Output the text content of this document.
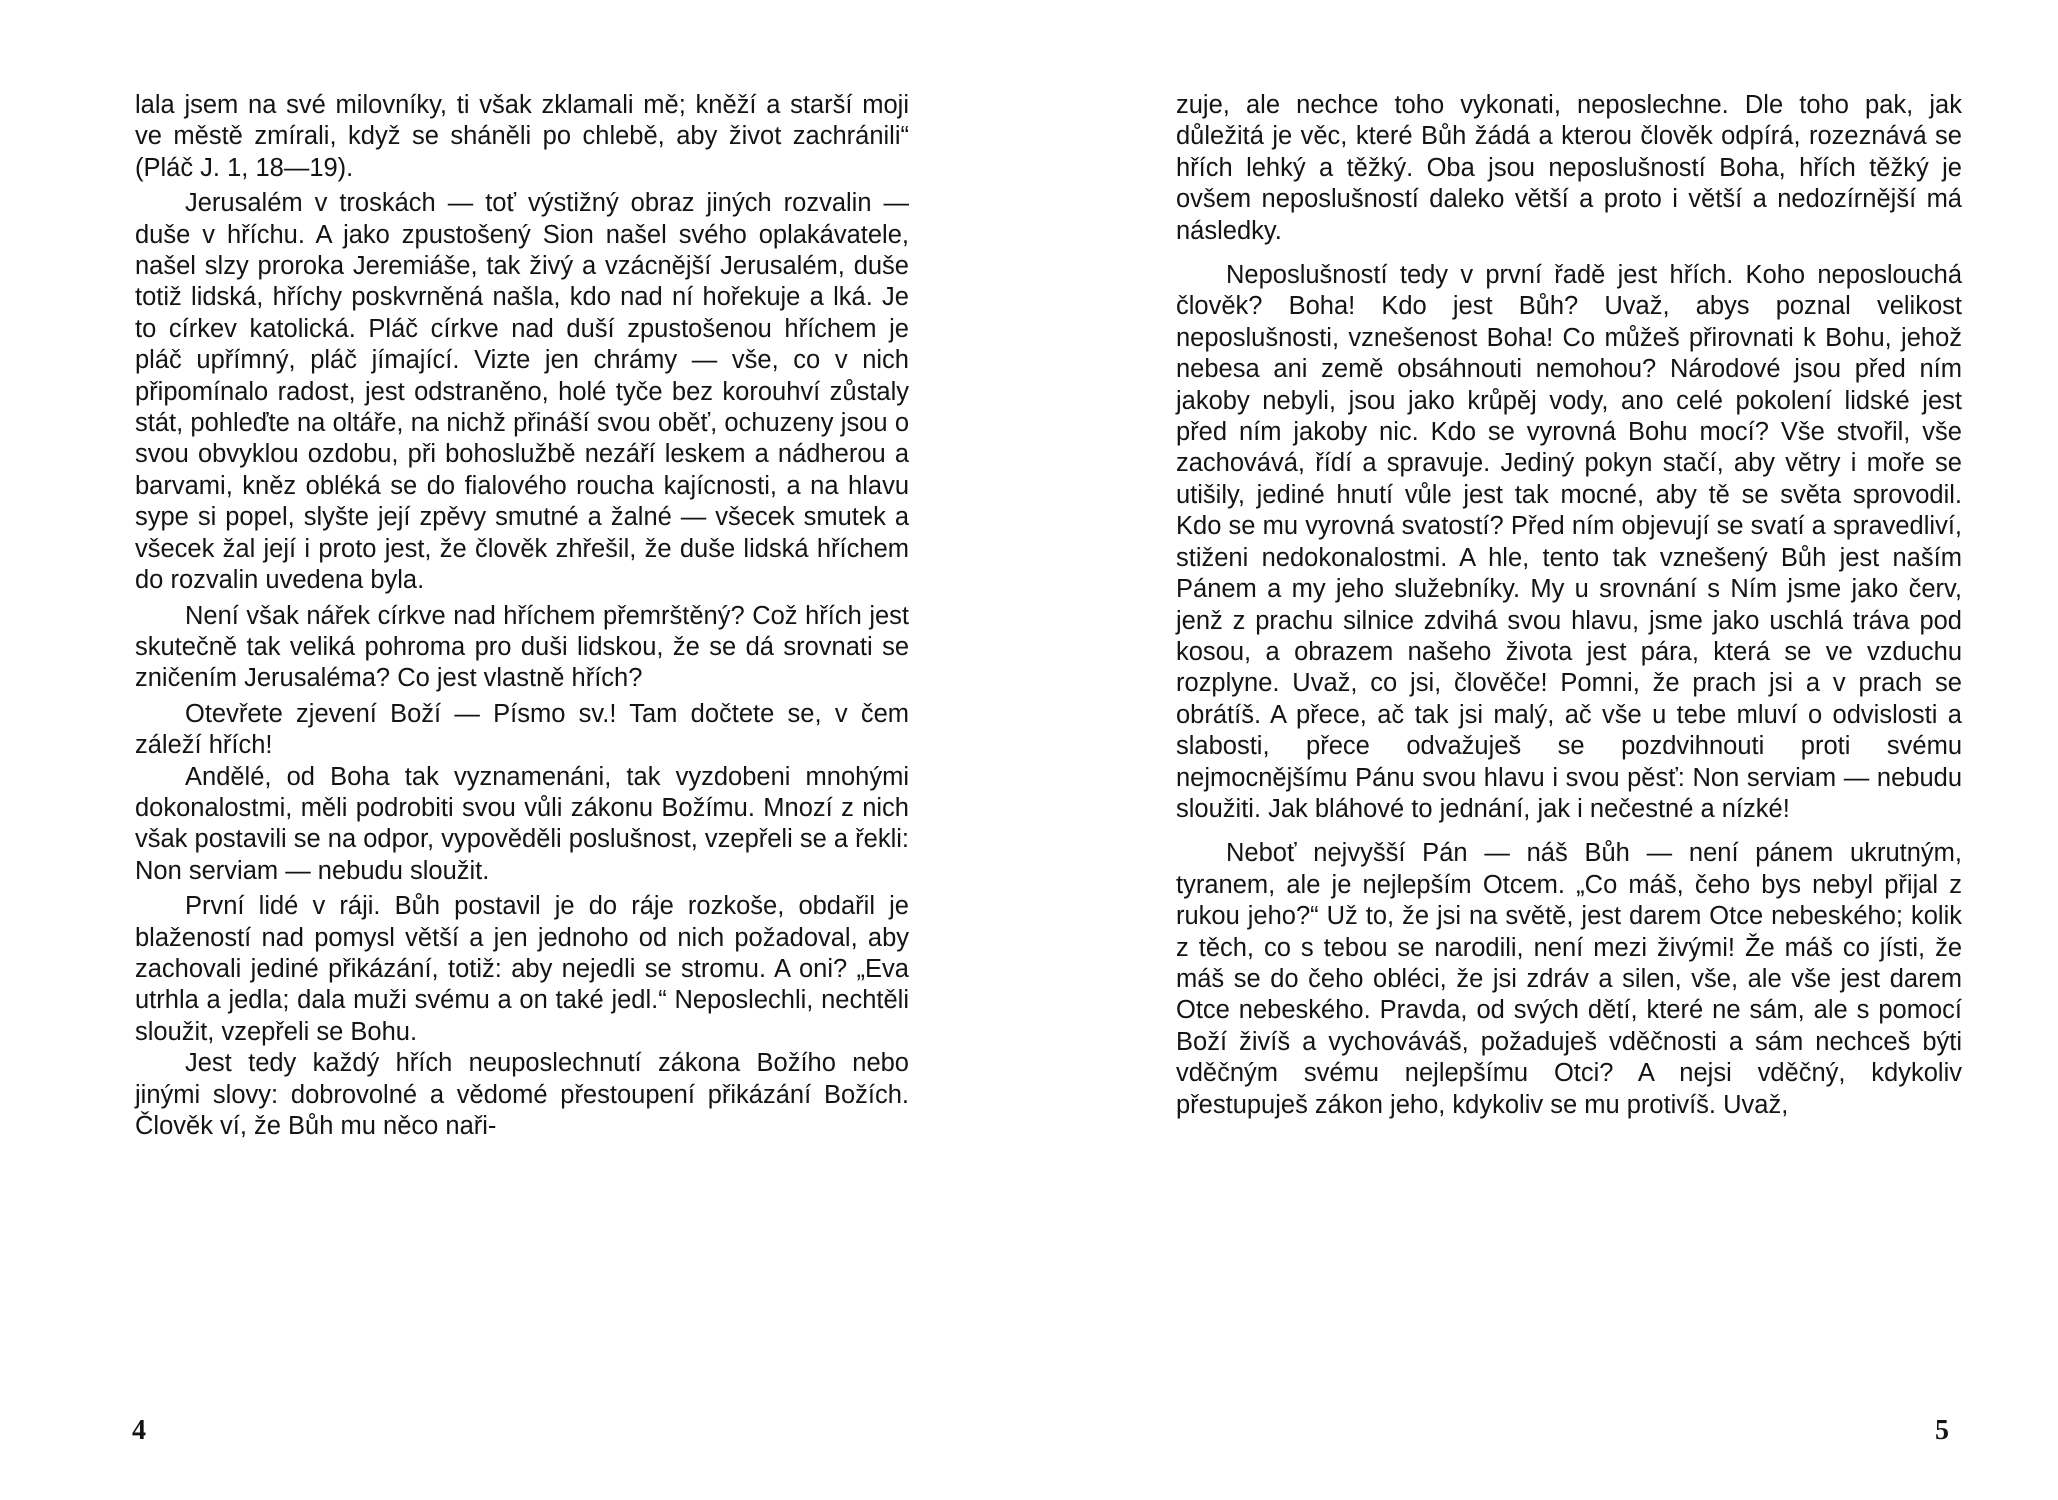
lala jsem na své milovníky, ti však zklamali mě; kněží a starší moji ve městě zmírali, když se sháněli po chlebě, aby život zachránili“ (Pláč J. 1, 18—19).

Jerusalém v troskách — toť výstižný obraz jiných rozvalin — duše v hříchu. A jako zpustošený Sion našel svého oplakávatele, našel slzy proroka Jeremiáše, tak živý a vzácnější Jerusalém, duše totiž lidská, hříchy poskvrněná našla, kdo nad ní hořekuje a lká. Je to církev katolická. Pláč církve nad duší zpustošenou hříchem je pláč upřímný, pláč jímající. Vizte jen chrámy — vše, co v nich připomínalo radost, jest odstraněno, holé tyče bez korouhví zůstaly stát, pohleďte na oltáře, na nichž přináší svou oběť, ochuzeny jsou o svou obvyklou ozdobu, při bohoslužbě nezáří leskem a nádherou a barvami, kněz obléká se do fialového roucha kajícnosti, a na hlavu sype si popel, slyšte její zpěvy smutné a žalné — všecek smutek a všecek žal její i proto jest, že člověk zhřešil, že duše lidská hříchem do rozvalin uvedena byla.

Není však nářek církve nad hříchem přemrštěný? Což hřích jest skutečně tak veliká pohroma pro duši lidskou, že se dá srovnati se zničením Jerusaléma? Co jest vlastně hřích?

Otevřete zjevení Boží — Písmo sv.! Tam dočtete se, v čem záleží hřích!

Andělé, od Boha tak vyznamenáni, tak vyzdobeni mnohými dokonalostmi, měli podrobiti svou vůli zákonu Božímu. Mnozí z nich však postavili se na odpor, vypověděli poslušnost, vzepřeli se a řekli: Non serviam — nebudu sloužit.

První lidé v ráji. Bůh postavil je do ráje rozkoše, obdařil je blažeností nad pomysl větší a jen jednoho od nich požadoval, aby zachovali jediné přikázání, totiž: aby nejedli se stromu. A oni? „Eva utrhla a jedla; dala muži svému a on také jedl.“ Neposlechli, nechtěli sloužit, vzepřeli se Bohu.

Jest tedy každý hřích neuposlechnutí zákona Božího nebo jinými slovy: dobrovolné a vědomé přestoupení přikázání Božích. Člověk ví, že Bůh mu něco naři-

4

zuje, ale nechce toho vykonati, neposlechne. Dle toho pak, jak důležitá je věc, které Bůh žádá a kterou člověk odpírá, rozeznává se hřích lehký a těžký. Oba jsou neposlušností Boha, hřích těžký je ovšem neposlušností daleko větší a proto i větší a nedozírnější má následky.

Neposlušností tedy v první řadě jest hřích. Koho neposlouchá člověk? Boha! Kdo jest Bůh? Uvaž, abys poznal velikost neposlušnosti, vznešenost Boha! Co můžeš přirovnati k Bohu, jehož nebesa ani země obsáhnouti nemohou? Národové jsou před ním jakoby nebyli, jsou jako krůpěj vody, ano celé pokolení lidské jest před ním jakoby nic. Kdo se vyrovná Bohu mocí? Vše stvořil, vše zachovává, řídí a spravuje. Jediný pokyn stačí, aby větry i moře se utišily, jediné hnutí vůle jest tak mocné, aby tě se světa sprovodil. Kdo se mu vyrovná svatostí? Před ním objevují se svatí a spravedliví, stiženi nedokonalostmi. A hle, tento tak vznešený Bůh jest naším Pánem a my jeho služebníky. My u srovnání s Ním jsme jako červ, jenž z prachu silnice zdvihá svou hlavu, jsme jako uschlá tráva pod kosou, a obrazem našeho života jest pára, která se ve vzduchu rozplyne. Uvaž, co jsi, člověče! Pomni, že prach jsi a v prach se obrátíš. A přece, ač tak jsi malý, ač vše u tebe mluví o odvislosti a slabosti, přece odvažuješ se pozdvihnouti proti svému nejmocnějšímu Pánu svou hlavu i svou pěsť: Non serviam — nebudu sloužiti. Jak bláhové to jednání, jak i nečestné a nízké!

Neboť nejvyšší Pán — náš Bůh — není pánem ukrutným, tyranem, ale je nejlepším Otcem. „Co máš, čeho bys nebyl přijal z rukou jeho?“ Už to, že jsi na světě, jest darem Otce nebeského; kolik z těch, co s tebou se narodili, není mezi živými! Že máš co jísti, že máš se do čeho obléci, že jsi zdráv a silen, vše, ale vše jest darem Otce nebeského. Pravda, od svých dětí, které ne sám, ale s pomocí Boží živíš a vychováváš, požaduješ vděčnosti a sám nechceš býti vděčným svému nejlepšímu Otci? A nejsi vděčný, kdykoliv přestupuješ zákon jeho, kdykoliv se mu protivíš. Uvaž,

5
